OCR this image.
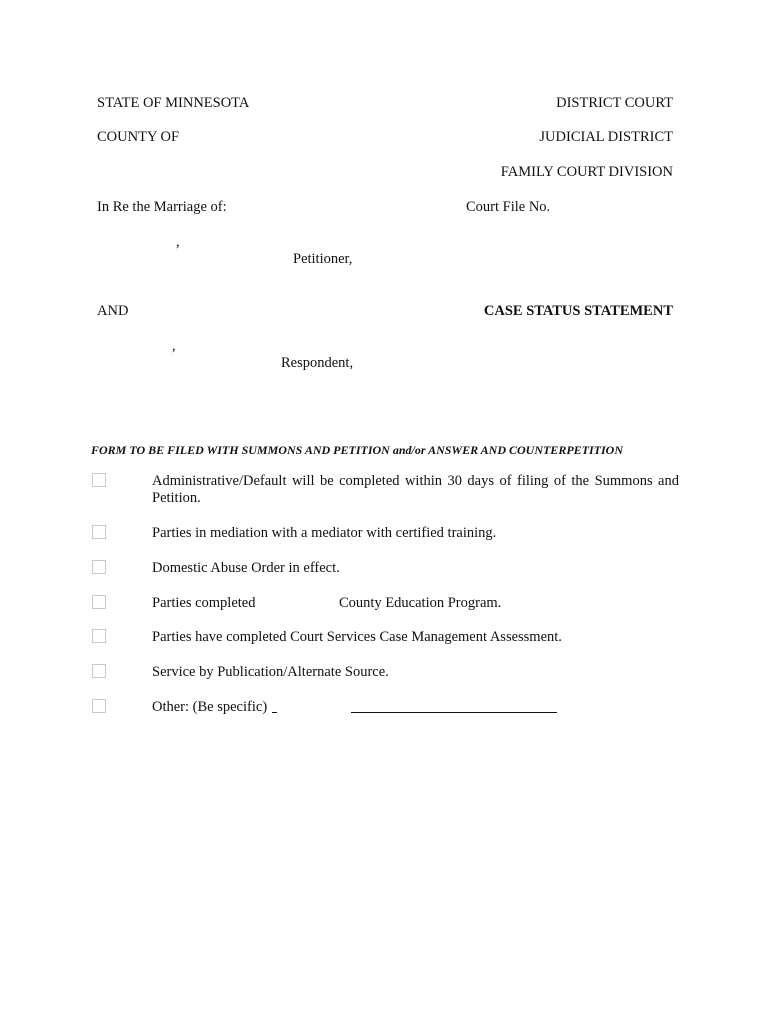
STATE OF MINNESOTA	DISTRICT COURT
COUNTY OF	JUDICIAL DISTRICT
FAMILY COURT DIVISION
In Re the Marriage of:	Court File No.
,
Petitioner,
AND	CASE STATUS STATEMENT
,
Respondent,
FORM TO BE FILED WITH SUMMONS AND PETITION and/or ANSWER AND COUNTERPETITION
Administrative/Default will be completed within 30 days of filing of the Summons and Petition.
Parties in mediation with a mediator with certified training.
Domestic Abuse Order in effect.
Parties completed	County Education Program.
Parties have completed Court Services Case Management Assessment.
Service by Publication/Alternate Source.
Other: (Be specific)
